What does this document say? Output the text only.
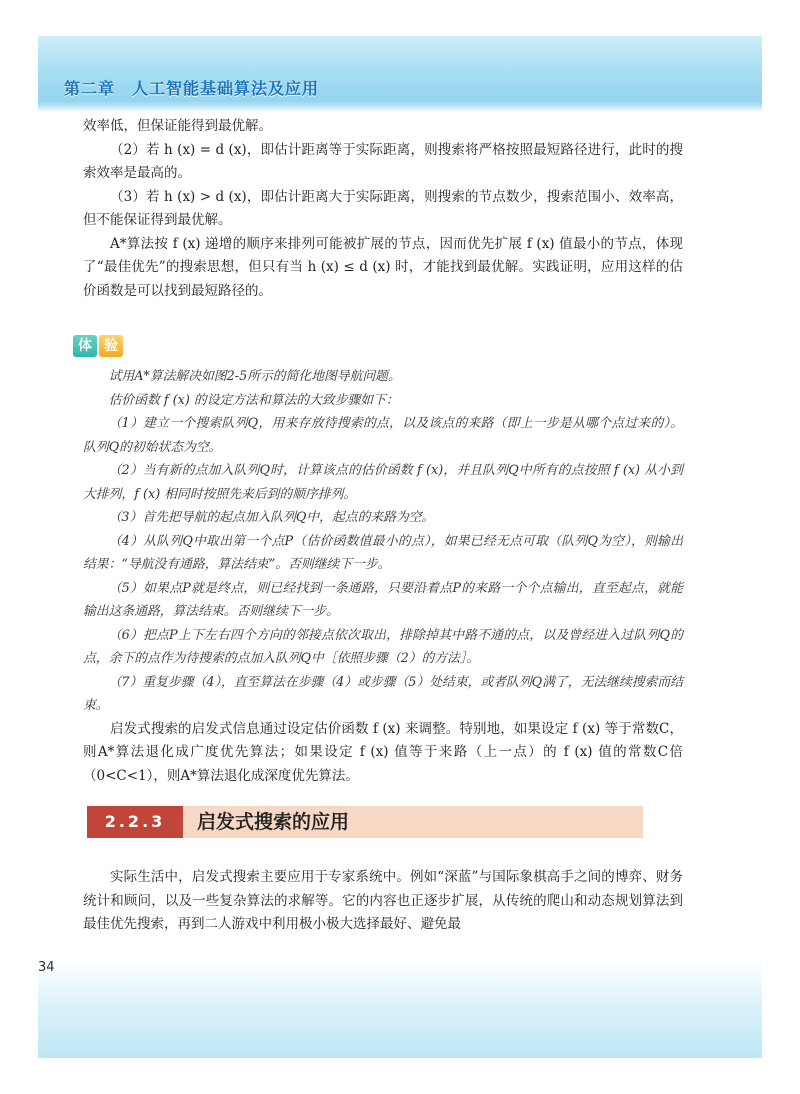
第二章　人工智能基础算法及应用

效率低，但保证能得到最优解。

（2）若 h (x) = d (x)，即估计距离等于实际距离，则搜索将严格按照最短路径进行，此时的搜索效率是最高的。

（3）若 h (x) > d (x)，即估计距离大于实际距离，则搜索的节点数少，搜索范围小、效率高，但不能保证得到最优解。

A*算法按 f (x) 递增的顺序来排列可能被扩展的节点，因而优先扩展 f (x) 值最小的节点，体现了“最佳优先”的搜索思想，但只有当 h (x) ≤ d (x) 时，才能找到最优解。实践证明，应用这样的估价函数是可以找到最短路径的。

体 验

试用A*算法解决如图2-5所示的简化地图导航问题。

估价函数 f (x) 的设定方法和算法的大致步骤如下：

（1）建立一个搜索队列Q，用来存放待搜索的点，以及该点的来路（即上一步是从哪个点过来的）。队列Q的初始状态为空。

（2）当有新的点加入队列Q时，计算该点的估价函数 f (x)，并且队列Q中所有的点按照 f (x) 从小到大排列，f (x) 相同时按照先来后到的顺序排列。

（3）首先把导航的起点加入队列Q中，起点的来路为空。

（4）从队列Q中取出第一个点P（估价函数值最小的点），如果已经无点可取（队列Q为空），则输出结果：“导航没有通路，算法结束”。否则继续下一步。

（5）如果点P就是终点，则已经找到一条通路，只要沿着点P的来路一个个点输出，直至起点，就能输出这条通路，算法结束。否则继续下一步。

（6）把点P上下左右四个方向的邻接点依次取出，排除掉其中路不通的点，以及曾经进入过队列Q的点，余下的点作为待搜索的点加入队列Q中［依照步骤（2）的方法］。

（7）重复步骤（4），直至算法在步骤（4）或步骤（5）处结束，或者队列Q满了，无法继续搜索而结束。

启发式搜索的启发式信息通过设定估价函数 f (x) 来调整。特别地，如果设定 f (x) 等于常数C，则A*算法退化成广度优先算法；如果设定 f (x) 值等于来路（上一点）的 f (x) 值的常数C倍（0<C<1），则A*算法退化成深度优先算法。

2.2.3	启发式搜索的应用

实际生活中，启发式搜索主要应用于专家系统中。例如“深蓝”与国际象棋高手之间的博弈、财务统计和顾问，以及一些复杂算法的求解等。它的内容也正逐步扩展，从传统的爬山和动态规划算法到最佳优先搜索，再到二人游戏中利用极小极大选择最好、避免最

34
